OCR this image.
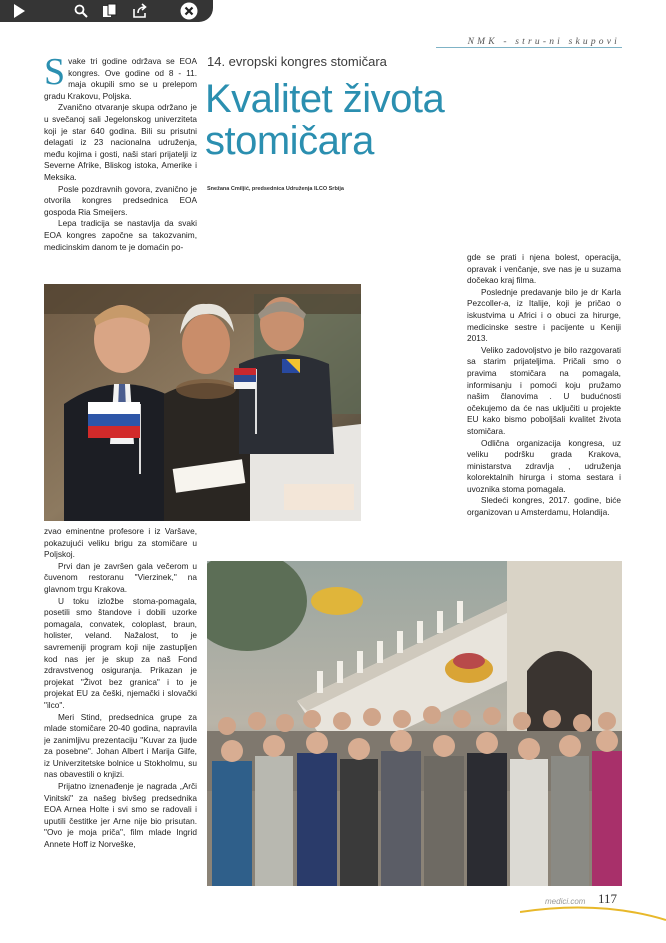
NMK - stru-ni skupovi
14. evropski kongres stomičara
Kvalitet života
stomičara
Snežana Cmiljić, predsednica Udruženja ILCO Srbija

Svake tri godine održava se EOA kongres. Ove godine od 8 - 11. maja okupili smo se u prelepom gradu Krakovu, Poljska.

Zvanično otvaranje skupa održano je u svečanoj sali Jegelonskog univerziteta koji je star 640 godina. Bili su prisutni delagati iz 23 nacionalna udruženja, među kojima i gosti, naši stari prijatelji iz Severne Afrike, Bliskog istoka, Amerike i Meksika.

Posle pozdravnih govora, zvanično je otvorila kongres predsednica EOA gospoda Ria Smeijers.

Lepa tradicija se nastavlja da svaki EOA kongres započne sa takozvanim, medicinskim danom te je domaćin po-

zvao eminentne profesore i iz Varšave, pokazujući veliku brigu za stomičare u Poljskoj.

Prvi dan je završen gala večerom u čuvenom restoranu "Vierzinek," na glavnom trgu Krakova.

U toku izložbe stoma-pomagala, posetili smo štandove i dobili uzorke pomagala, convatek, coloplast, braun, holister, veland. Nažalost, to je savremeniji program koji nije zastupljen kod nas jer je skup za naš Fond zdravstvenog osiguranja. Prikazan je projekat "Život bez granica" i to je projekat EU za češki, njemački i slovački "ilco".

Meri Stind, predsednica grupe za mlade stomičare 20-40 godina, napravila je zanimljivu prezentaciju "Kuvar za ljude za posebne". Johan Albert i Marija Gilfe, iz Univerzitetske bolnice u Stokholmu, su nas obavestili o knjizi.

Prijatno iznenađenje je nagrada „Arči Vinitski" za našeg bivšeg predsednika EOA Arnea Holte i svi smo se radovali i uputili čestitke jer Arne nije bio prisutan. "Ovo je moja priča", film mlade Ingrid Annete Hoff iz Norveške,

gde se prati i njena bolest, operacija, opravak i venčanje, sve nas je u suzama dočekao kraj filma.

Poslednje predavanje bilo je dr Karla Pezcoller-a, iz Italije, koji je pričao o iskustvima u Africi i o obuci za hirurge, medicinske sestre i pacijente u Keniji 2013.

Veliko zadovoljstvo je bilo razgovarati sa starim prijateljima. Pričali smo o pravima stomičara na pomagala, informisanju i pomoći koju pružamo našim članovima . U budućnosti očekujemo da će nas uključiti u projekte EU kako bismo poboljšali kvalitet života stomičara.

Odlična organizacija kongresa, uz veliku podršku grada Krakova, ministarstva zdravlja , udruženja kolorektalnih hirurga i stoma sestara i uvoznika stoma pomagala.

Sledeći kongres, 2017. godine, biće organizovan u Amsterdamu, Holandija.

medici.com 117
